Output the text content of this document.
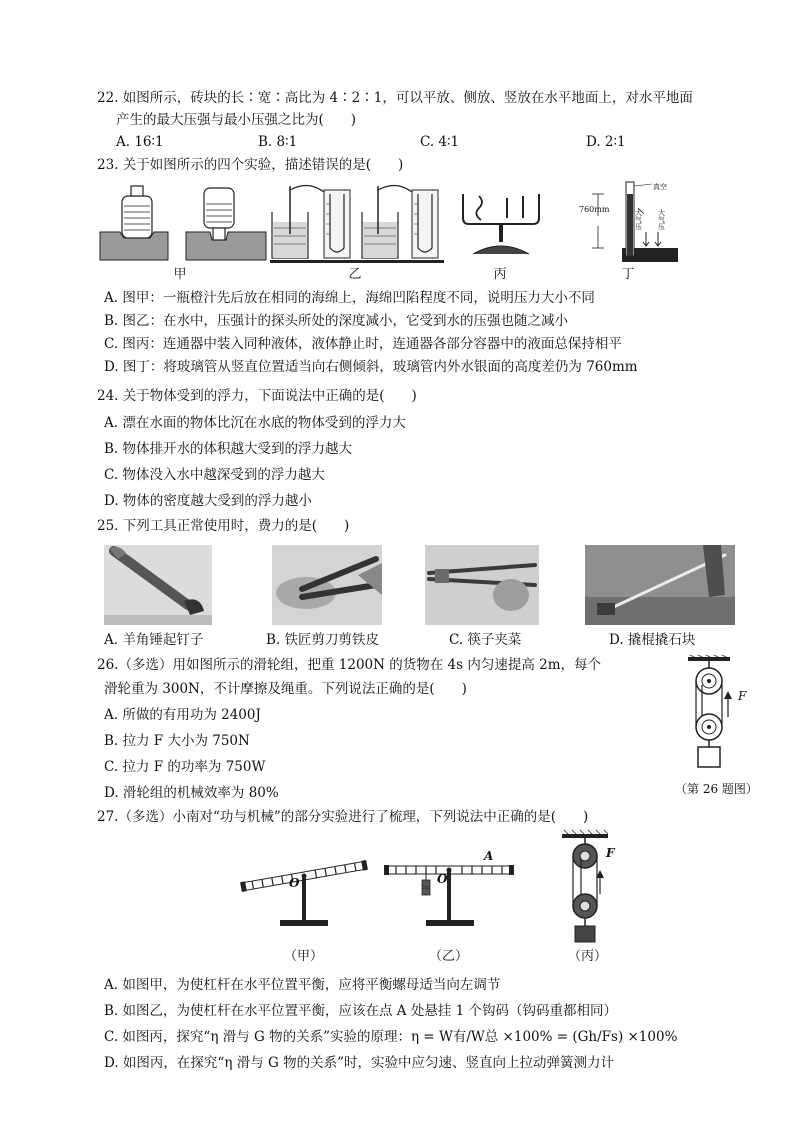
22. 如图所示，砖块的长∶宽∶高比为 4∶2∶1，可以平放、侧放、竖放在水平地面上，对水平地面
产生的最大压强与最小压强之比为(　　)
A. 16∶1	B. 8∶1	C. 4∶1	D. 2∶1
23. 关于如图所示的四个实验，描述错误的是(　　)
甲	乙	丙
760mm
真空
大气压
大气压
丁
A. 图甲：一瓶橙汁先后放在相同的海绵上，海绵凹陷程度不同，说明压力大小不同
B. 图乙：在水中，压强计的探头所处的深度减小，它受到水的压强也随之减小
C. 图丙：连通器中装入同种液体，液体静止时，连通器各部分容器中的液面总保持相平
D. 图丁：将玻璃管从竖直位置适当向右侧倾斜，玻璃管内外水银面的高度差仍为 760mm
24. 关于物体受到的浮力，下面说法中正确的是(　　)
A. 漂在水面的物体比沉在水底的物体受到的浮力大
B. 物体排开水的体积越大受到的浮力越大
C. 物体没入水中越深受到的浮力越大
D. 物体的密度越大受到的浮力越小
25. 下列工具正常使用时，费力的是(　　)
A. 羊角锤起钉子	B. 铁匠剪刀剪铁皮	C. 筷子夹菜	D. 撬棍撬石块
26.（多选）用如图所示的滑轮组，把重 1200N 的货物在 4s 内匀速提高 2m，每个
滑轮重为 300N，不计摩擦及绳重。下列说法正确的是(　　)
A. 所做的有用功为 2400J
B. 拉力 F 大小为 750N
C. 拉力 F 的功率为 750W
D. 滑轮组的机械效率为 80%
F
（第 26 题图）
27.（多选）小南对“功与机械”的部分实验进行了梳理，下列说法中正确的是(　　)
O
（甲）
A
O
（乙）
F
（丙）
A. 如图甲，为使杠杆在水平位置平衡，应将平衡螺母适当向左调节
B. 如图乙，为使杠杆在水平位置平衡，应该在点 A 处悬挂 1 个钩码（钩码重都相同）
C. 如图丙，探究“η 滑与 G 物的关系”实验的原理：η = W有/W总 ×100% = (Gh/Fs) ×100%
D. 如图丙，在探究“η 滑与 G 物的关系”时，实验中应匀速、竖直向上拉动弹簧测力计
